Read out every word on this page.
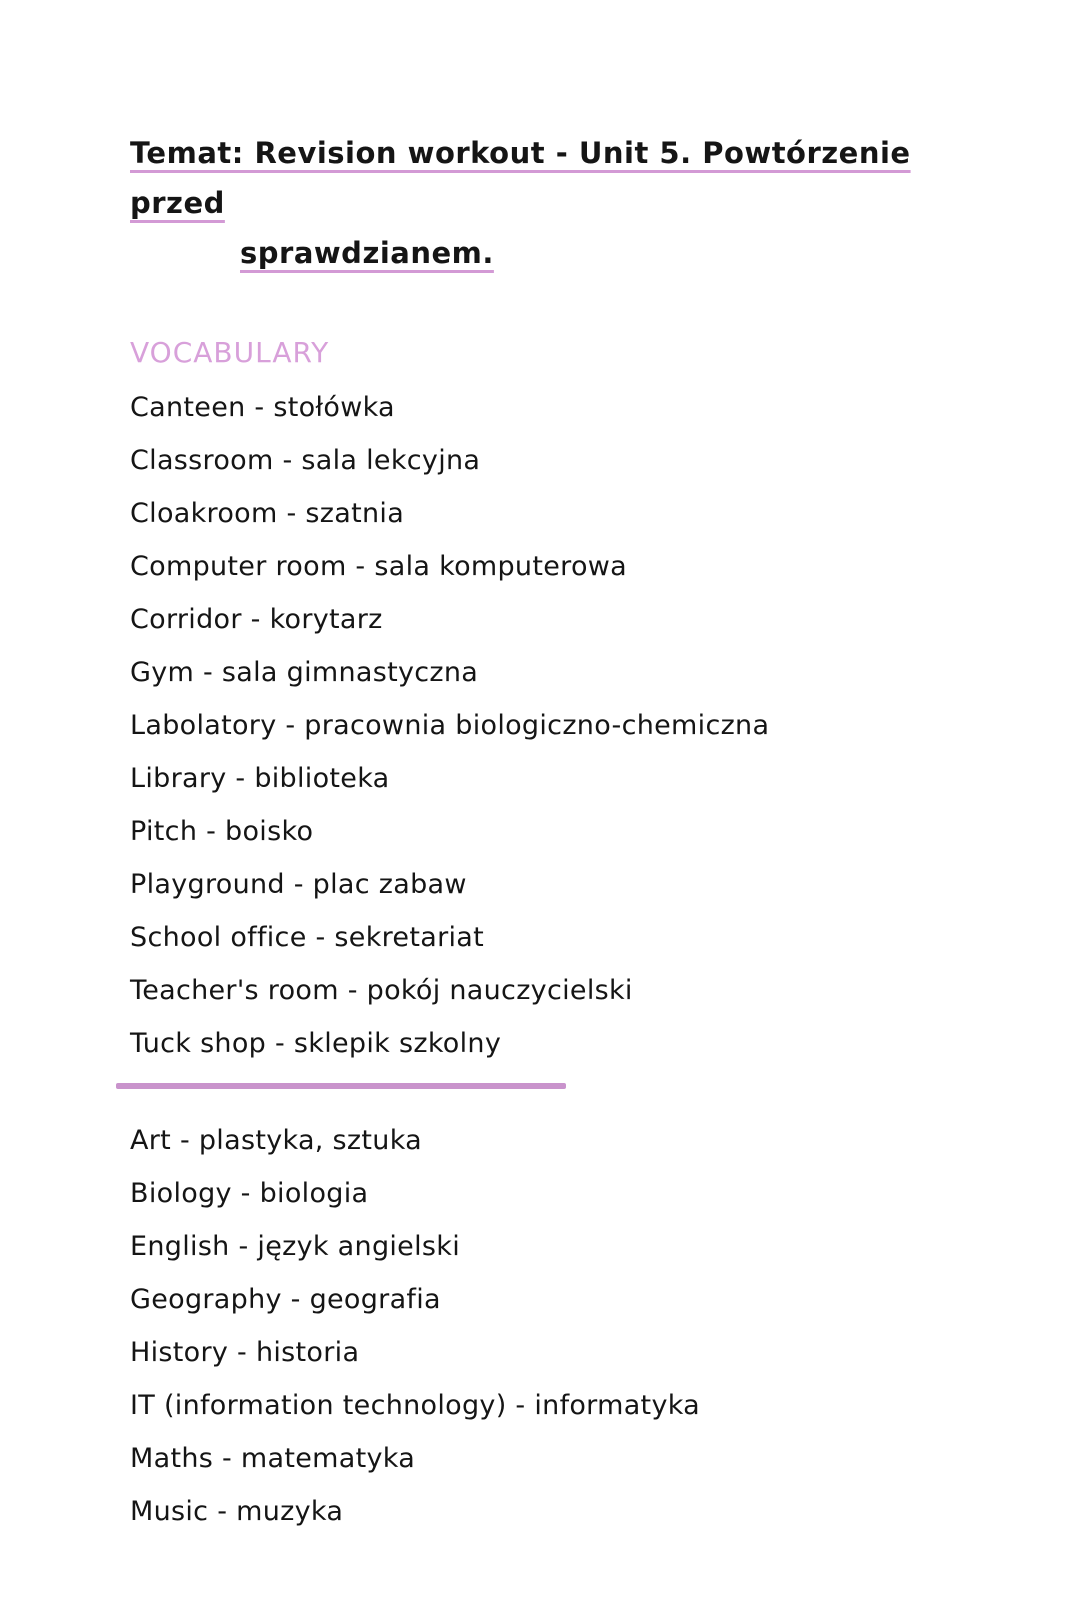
Temat: Revision workout - Unit 5. Powtórzenie przed
sprawdzianem.
VOCABULARY

Canteen - stołówka

Classroom - sala lekcyjna

Cloakroom - szatnia

Computer room - sala komputerowa

Corridor - korytarz

Gym - sala gimnastyczna

Labolatory - pracownia biologiczno-chemiczna

Library - biblioteka

Pitch - boisko

Playground - plac zabaw

School office - sekretariat

Teacher's room - pokój nauczycielski

Tuck shop - sklepik szkolny

Art - plastyka, sztuka

Biology - biologia

English - język angielski

Geography - geografia

History - historia

IT (information technology) - informatyka

Maths - matematyka

Music - muzyka
